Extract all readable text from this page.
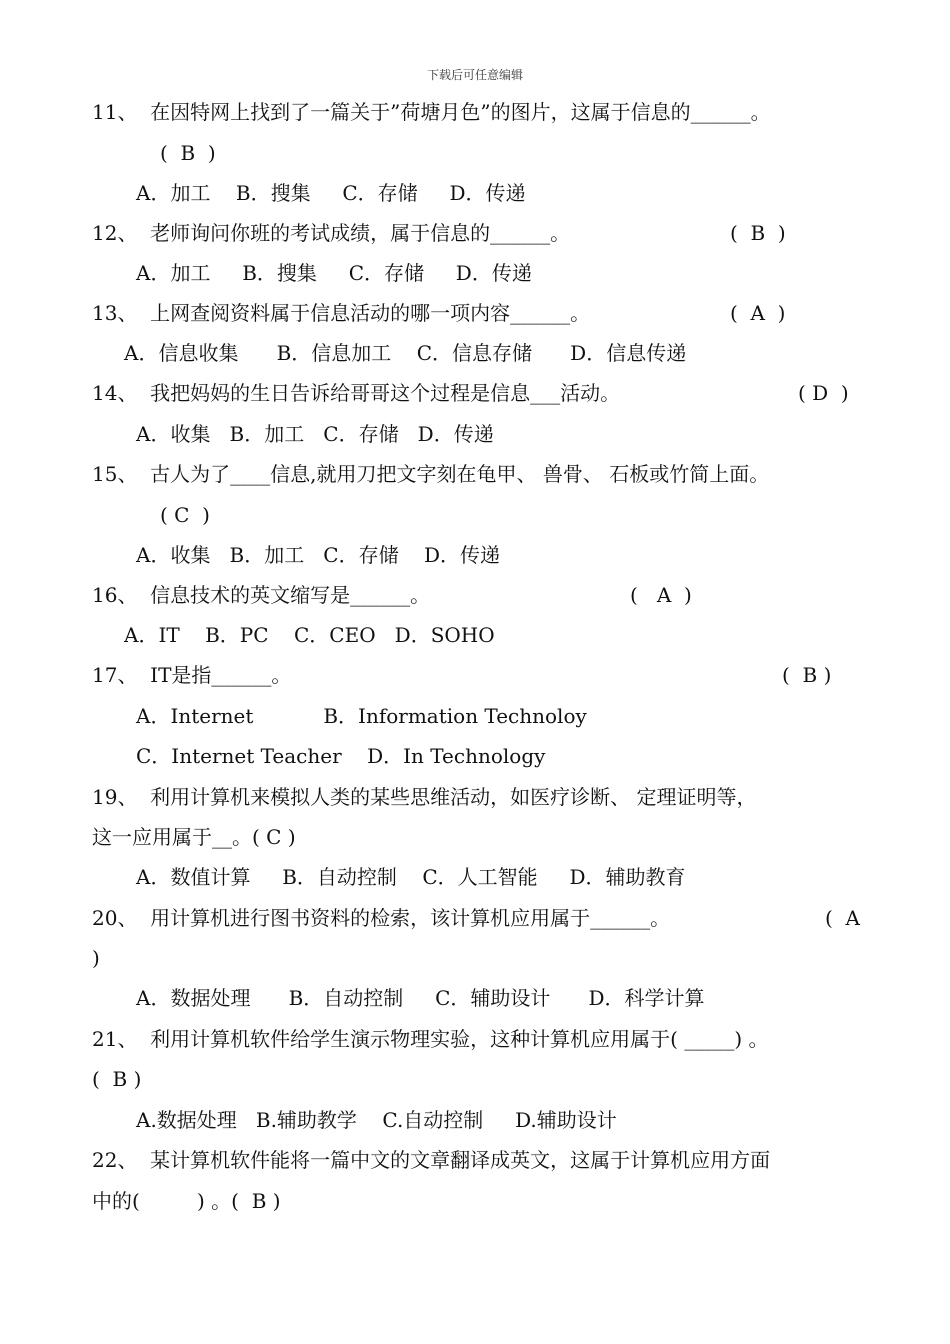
下载后可任意编辑
11、  在因特网上找到了一篇关于”荷塘月色”的图片，这属于信息的______。
(  B  )
A．加工    B．搜集     C．存储     D．传递
12、  老师询问你班的考试成绩，属于信息的______。	(  B  )
A．加工     B．搜集     C．存储     D．传递
13、  上网查阅资料属于信息活动的哪一项内容______。	(  A  )
A．信息收集      B．信息加工    C．信息存储      D．信息传递
14、  我把妈妈的生日告诉给哥哥这个过程是信息___活动。	( D  )
A．收集   B．加工   C．存储   D．传递
15、  古人为了____信息,就用刀把文字刻在龟甲、 兽骨、 石板或竹简上面。
( C  )
A．收集   B．加工   C．存储    D．传递
16、  信息技术的英文缩写是______。	(   A  )
A．IT    B．PC    C．CEO   D．SOHO
17、  IT是指______。	(  B )
A．Internet           B．Information Technoloy
C．Internet Teacher    D．In Technology
19、  利用计算机来模拟人类的某些思维活动，如医疗诊断、 定理证明等，
这一应用属于__。( C )
A．数值计算     B．自动控制    C．人工智能     D．辅助教育
20、  用计算机进行图书资料的检索，该计算机应用属于______。	(  A
)
A．数据处理      B．自动控制     C．辅助设计      D．科学计算
21、  利用计算机软件给学生演示物理实验，这种计算机应用属于( _____) 。
(  B )
A.数据处理   B.辅助教学    C.自动控制     D.辅助设计
22、  某计算机软件能将一篇中文的文章翻译成英文，这属于计算机应用方面
中的(         ) 。(  B )
